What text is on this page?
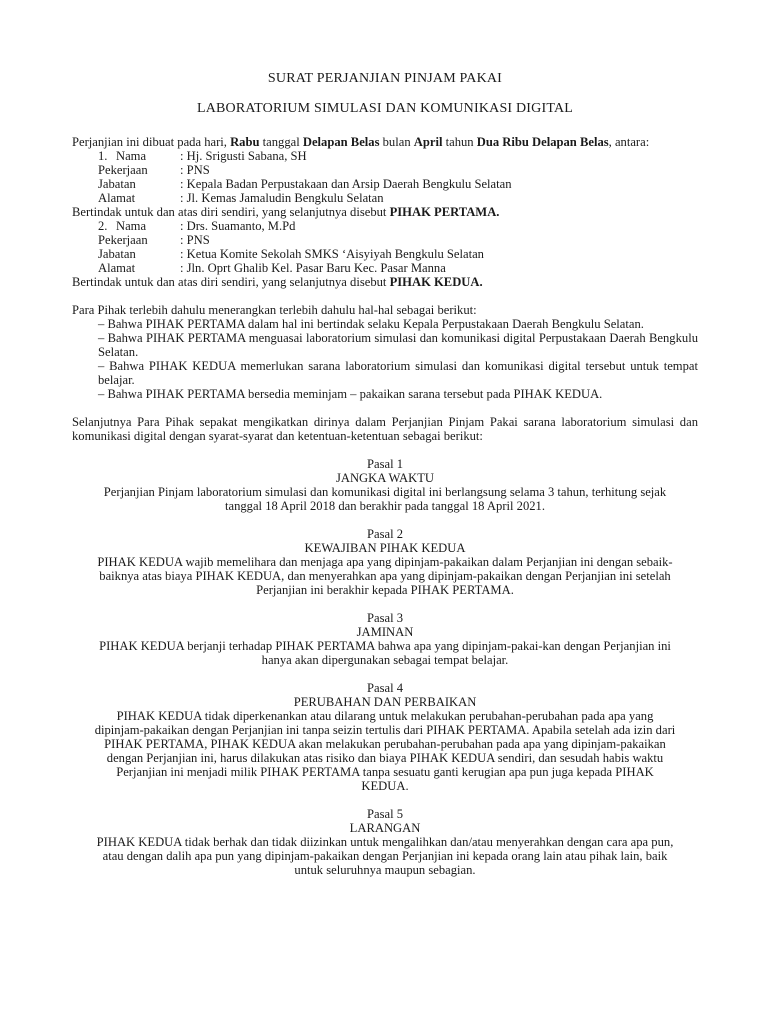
SURAT PERJANJIAN PINJAM PAKAI

LABORATORIUM SIMULASI DAN KOMUNIKASI DIGITAL

Perjanjian ini dibuat pada hari, Rabu tanggal Delapan Belas bulan April tahun Dua Ribu Delapan Belas, antara:

1. Nama	: Hj. Srigusti Sabana, SH
Pekerjaan	: PNS
Jabatan	: Kepala Badan Perpustakaan dan Arsip Daerah Bengkulu Selatan
Alamat	: Jl. Kemas Jamaludin Bengkulu Selatan

Bertindak untuk dan atas diri sendiri, yang selanjutnya disebut PIHAK PERTAMA.

2. Nama	: Drs. Suamanto, M.Pd
Pekerjaan	: PNS
Jabatan	: Ketua Komite Sekolah SMKS ‘Aisyiyah Bengkulu Selatan
Alamat	: Jln. Oprt Ghalib Kel. Pasar Baru Kec. Pasar Manna

Bertindak untuk dan atas diri sendiri, yang selanjutnya disebut PIHAK KEDUA.

Para Pihak terlebih dahulu menerangkan terlebih dahulu hal-hal sebagai berikut:

– Bahwa PIHAK PERTAMA dalam hal ini bertindak selaku Kepala Perpustakaan Daerah Bengkulu Selatan.
– Bahwa PIHAK PERTAMA menguasai laboratorium simulasi dan komunikasi digital Perpustakaan Daerah Bengkulu Selatan.
– Bahwa PIHAK KEDUA memerlukan sarana laboratorium simulasi dan komunikasi digital tersebut untuk tempat belajar.
– Bahwa PIHAK PERTAMA bersedia meminjam – pakaikan sarana tersebut pada PIHAK KEDUA.

Selanjutnya Para Pihak sepakat mengikatkan dirinya dalam Perjanjian Pinjam Pakai sarana laboratorium simulasi dan komunikasi digital dengan syarat-syarat dan ketentuan-ketentuan sebagai berikut:

Pasal 1
JANGKA WAKTU
Perjanjian Pinjam laboratorium simulasi dan komunikasi digital ini berlangsung selama 3 tahun, terhitung sejak tanggal 18 April 2018 dan berakhir pada tanggal 18 April 2021.
Pasal 2
KEWAJIBAN PIHAK KEDUA
PIHAK KEDUA wajib memelihara dan menjaga apa yang dipinjam-pakaikan dalam Perjanjian ini dengan sebaik-baiknya atas biaya PIHAK KEDUA, dan menyerahkan apa yang dipinjam-pakaikan dengan Perjanjian ini setelah Perjanjian ini berakhir kepada PIHAK PERTAMA.
Pasal 3
JAMINAN
PIHAK KEDUA berjanji terhadap PIHAK PERTAMA bahwa apa yang dipinjam-pakai-kan dengan Perjanjian ini hanya akan dipergunakan sebagai tempat belajar.
Pasal 4
PERUBAHAN DAN PERBAIKAN
PIHAK KEDUA tidak diperkenankan atau dilarang untuk melakukan perubahan-perubahan pada apa yang dipinjam-pakaikan dengan Perjanjian ini tanpa seizin tertulis dari PIHAK PERTAMA. Apabila setelah ada izin dari PIHAK PERTAMA, PIHAK KEDUA akan melakukan perubahan-perubahan pada apa yang dipinjam-pakaikan dengan Perjanjian ini, harus dilakukan atas risiko dan biaya PIHAK KEDUA sendiri, dan sesudah habis waktu Perjanjian ini menjadi milik PIHAK PERTAMA tanpa sesuatu ganti kerugian apa pun juga kepada PIHAK KEDUA.
Pasal 5
LARANGAN
PIHAK KEDUA tidak berhak dan tidak diizinkan untuk mengalihkan dan/atau menyerahkan dengan cara apa pun, atau dengan dalih apa pun yang dipinjam-pakaikan dengan Perjanjian ini kepada orang lain atau pihak lain, baik untuk seluruhnya maupun sebagian.
